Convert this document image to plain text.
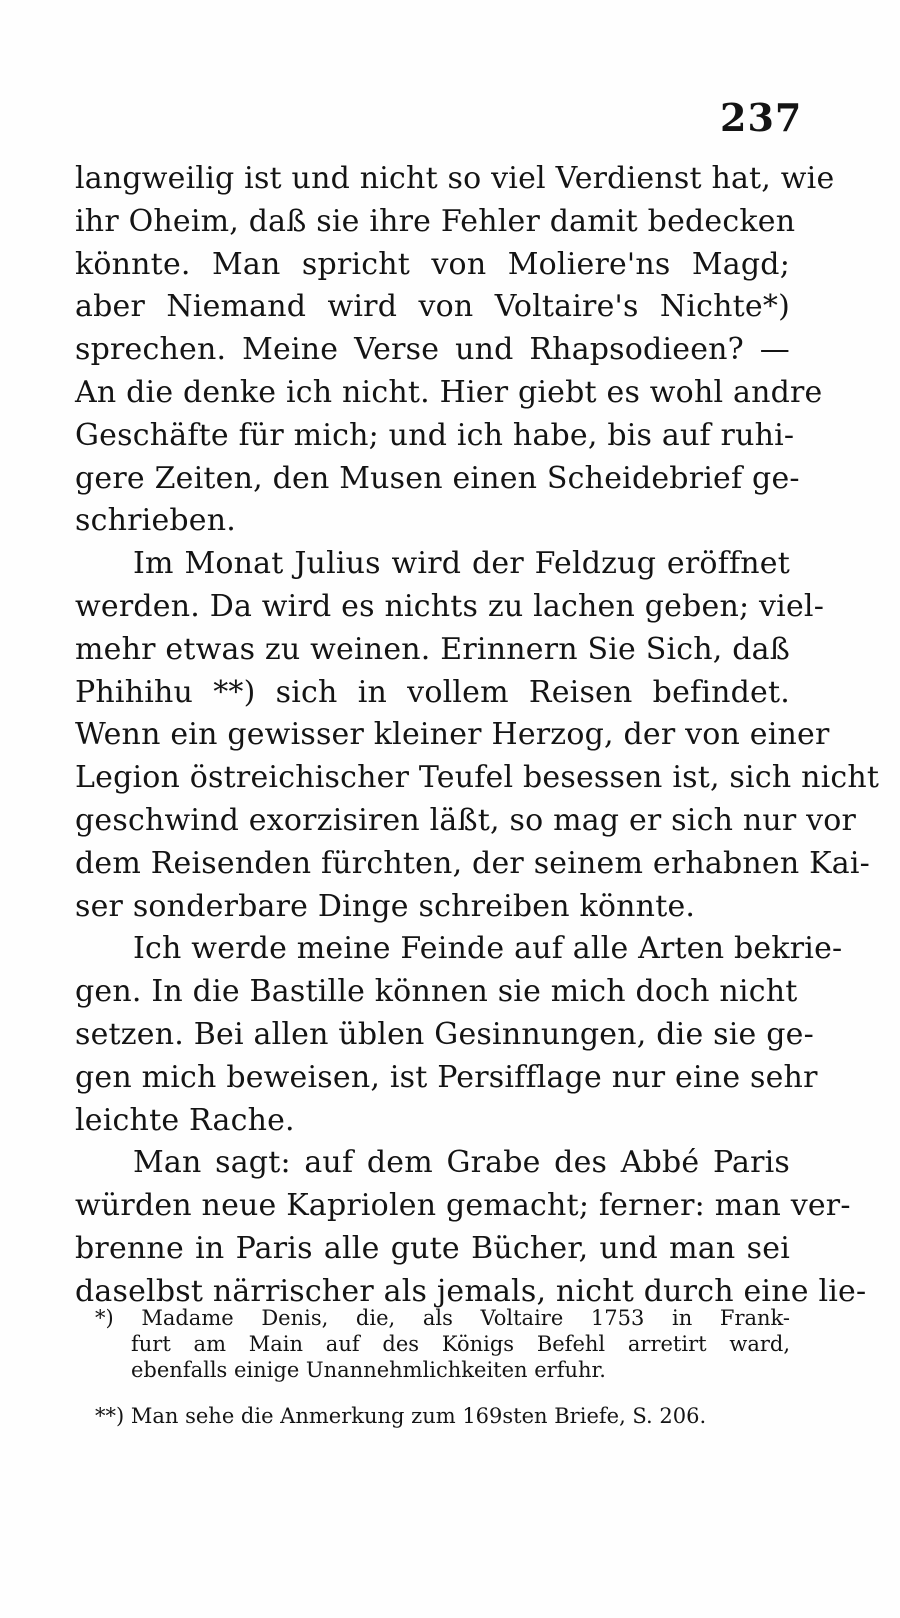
237
langweilig ist und nicht so viel Verdienst hat, wie
ihr Oheim, daß sie ihre Fehler damit bedecken
könnte. Man spricht von Moliere'ns Magd;
aber Niemand wird von Voltaire's Nichte*)
sprechen. Meine Verse und Rhapsodieen? —
An die denke ich nicht. Hier giebt es wohl andre
Geschäfte für mich; und ich habe, bis auf ruhi-
gere Zeiten, den Musen einen Scheidebrief ge-
schrieben.
Im Monat Julius wird der Feldzug eröffnet
werden. Da wird es nichts zu lachen geben; viel-
mehr etwas zu weinen. Erinnern Sie Sich, daß
Phihihu **) sich in vollem Reisen befindet.
Wenn ein gewisser kleiner Herzog, der von einer
Legion östreichischer Teufel besessen ist, sich nicht
geschwind exorzisiren läßt, so mag er sich nur vor
dem Reisenden fürchten, der seinem erhabnen Kai-
ser sonderbare Dinge schreiben könnte.
Ich werde meine Feinde auf alle Arten bekrie-
gen. In die Bastille können sie mich doch nicht
setzen. Bei allen üblen Gesinnungen, die sie ge-
gen mich beweisen, ist Persifflage nur eine sehr
leichte Rache.
Man sagt: auf dem Grabe des Abbé Paris
würden neue Kapriolen gemacht; ferner: man ver-
brenne in Paris alle gute Bücher, und man sei
daselbst närrischer als jemals, nicht durch eine lie-
*) Madame Denis, die, als Voltaire 1753 in Frank-
furt am Main auf des Königs Befehl arretirt ward,
ebenfalls einige Unannehmlichkeiten erfuhr.
**) Man sehe die Anmerkung zum 169sten Briefe, S. 206.
